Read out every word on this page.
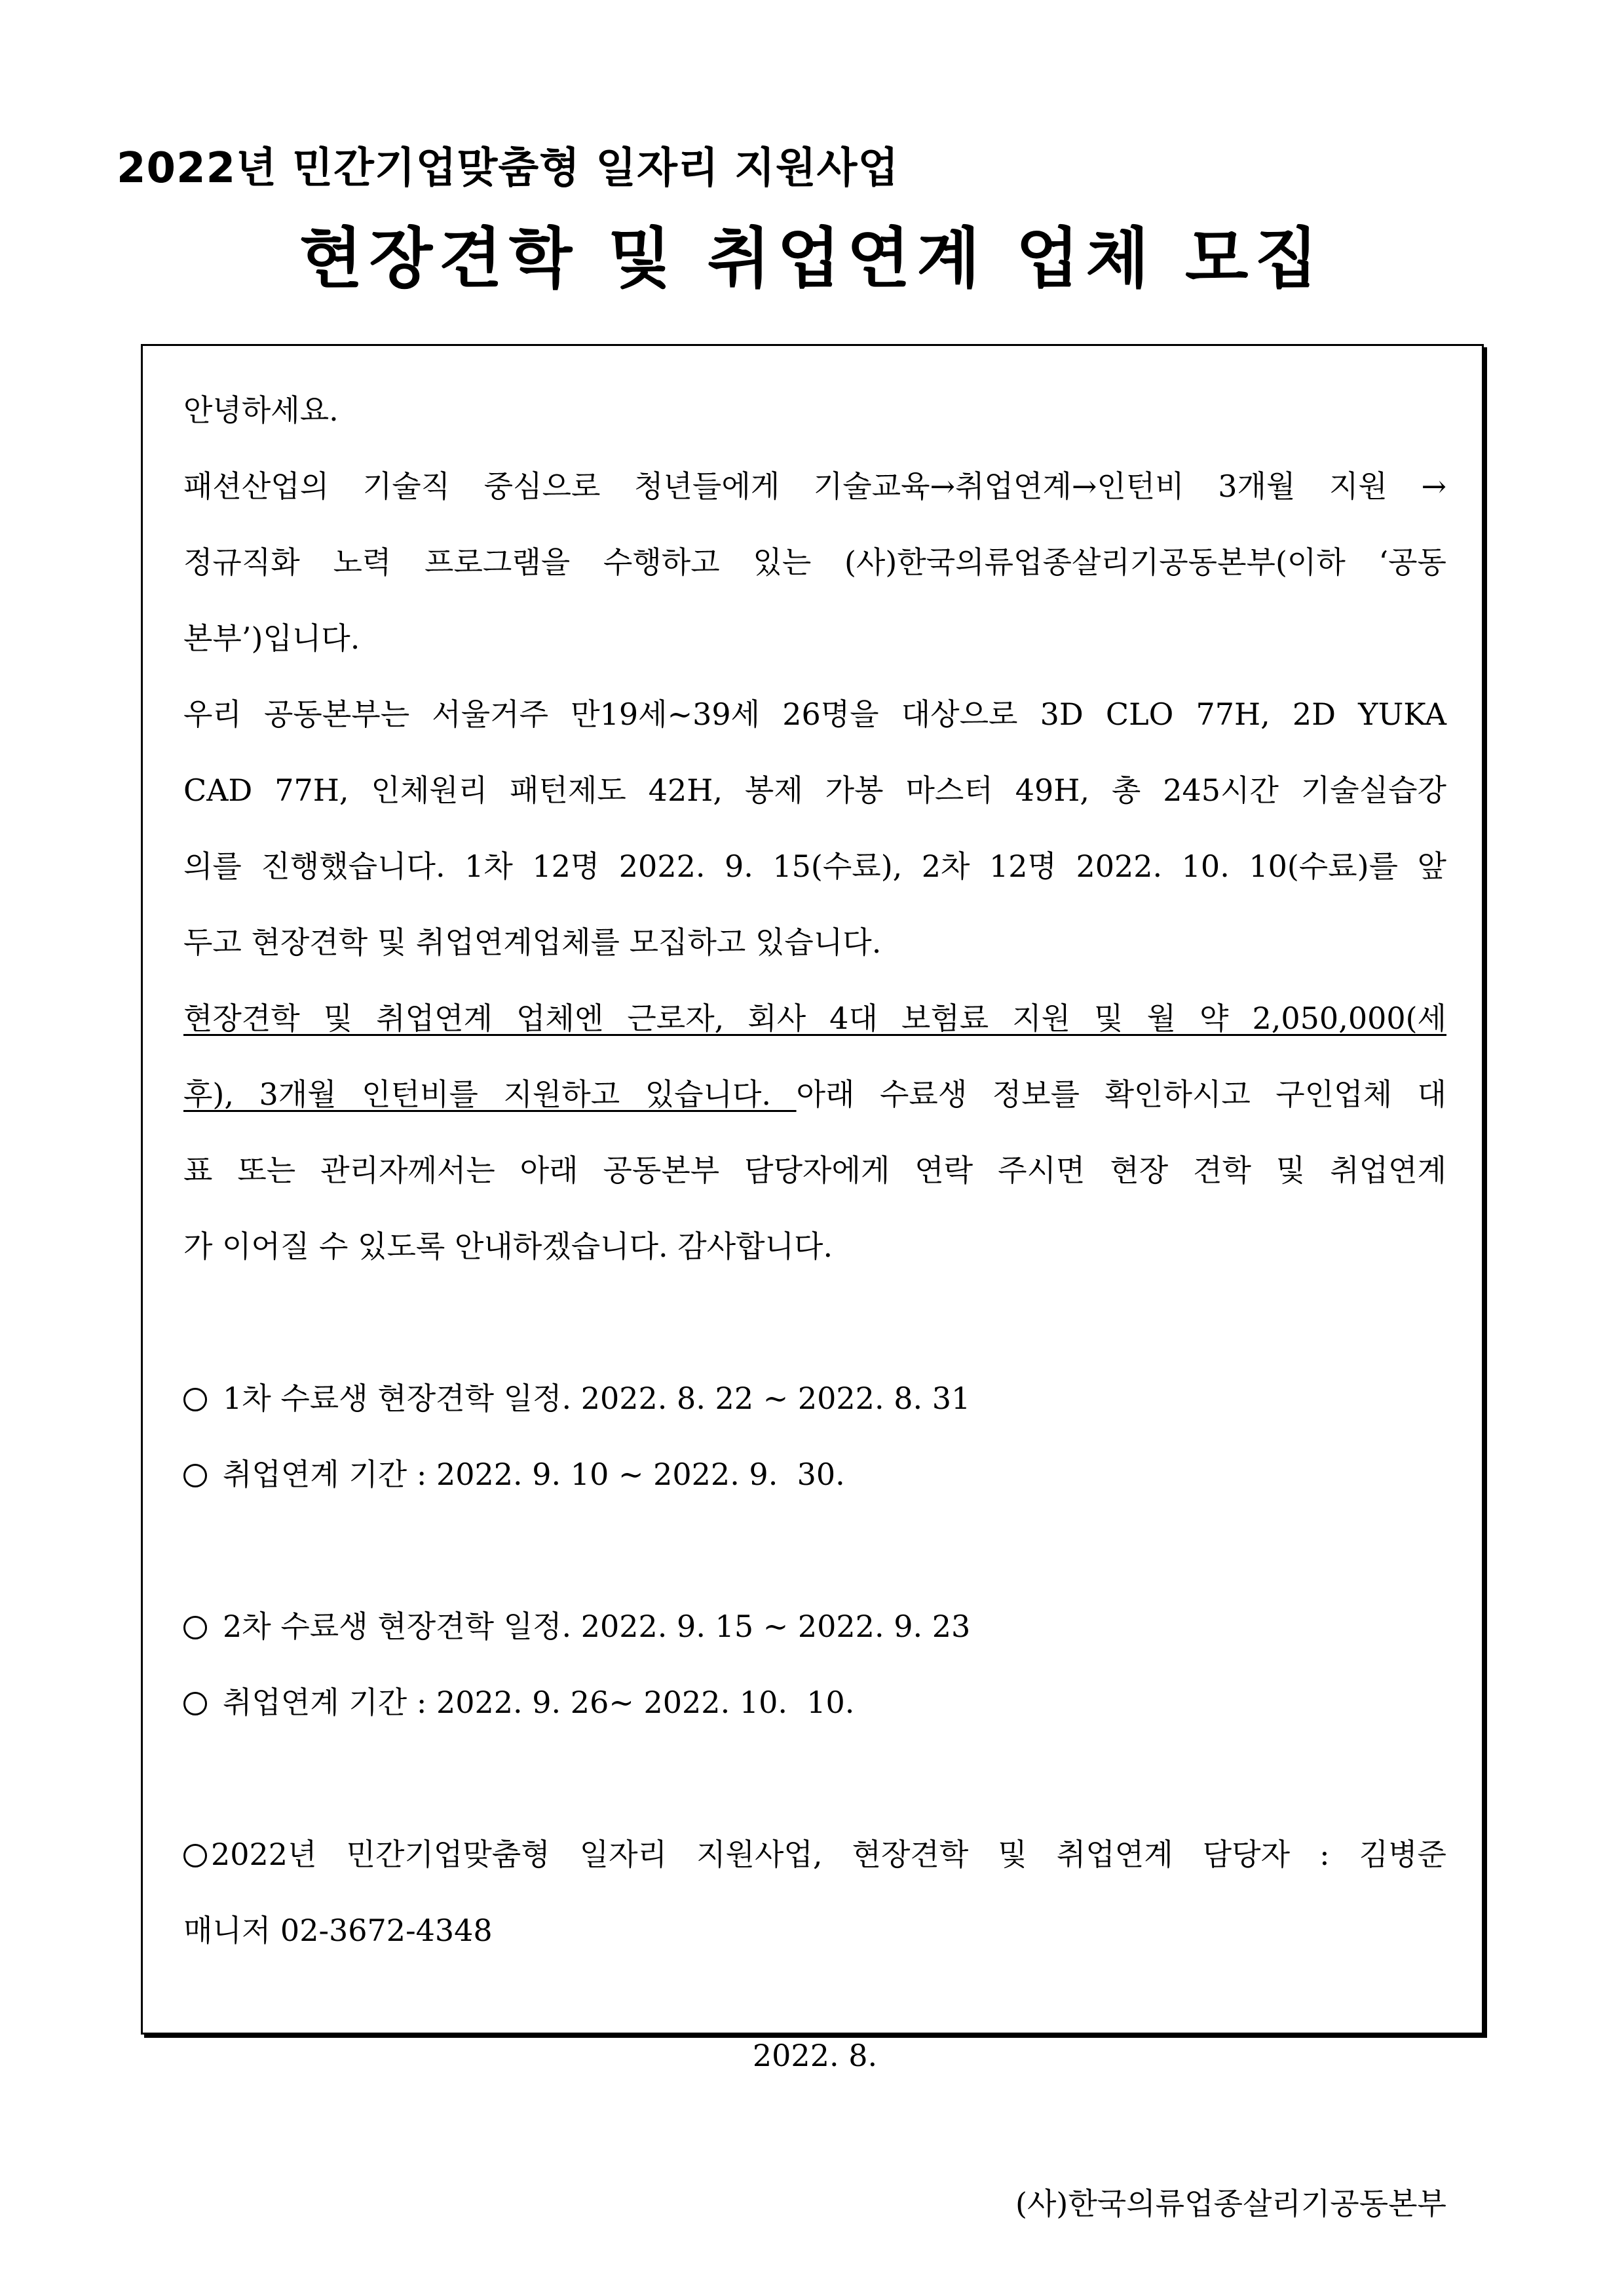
2022년 민간기업맞춤형 일자리 지원사업
현장견학 및 취업연계 업체 모집
안녕하세요.
패션산업의 기술직 중심으로 청년들에게 기술교육→취업연계→인턴비 3개월 지원 →
정규직화 노력 프로그램을 수행하고 있는 (사)한국의류업종살리기공동본부(이하 ‘공동
본부’)입니다.
우리 공동본부는 서울거주 만19세~39세 26명을 대상으로 3D CLO 77H, 2D YUKA
CAD 77H, 인체원리 패턴제도 42H, 봉제 가봉 마스터 49H, 총 245시간 기술실습강
의를 진행했습니다. 1차 12명 2022. 9. 15(수료), 2차 12명 2022. 10. 10(수료)를 앞
두고 현장견학 및 취업연계업체를 모집하고 있습니다.
현장견학 및 취업연계 업체엔 근로자, 회사 4대 보험료 지원 및 월 약 2,050,000(세
후), 3개월 인턴비를 지원하고 있습니다. 아래 수료생 정보를 확인하시고 구인업체 대
표 또는 관리자께서는 아래 공동본부 담당자에게 연락 주시면 현장 견학 및 취업연계
가 이어질 수 있도록 안내하겠습니다. 감사합니다.
1차 수료생 현장견학 일정. 2022. 8. 22 ~ 2022. 8. 31
취업연계 기간 : 2022. 9. 10 ~ 2022. 9.  30.
2차 수료생 현장견학 일정. 2022. 9. 15 ~ 2022. 9. 23
취업연계 기간 : 2022. 9. 26~ 2022. 10.  10.
2022년 민간기업맞춤형 일자리 지원사업, 현장견학 및 취업연계 담당자 : 김병준
매니저 02-3672-4348
2022. 8.
(사)한국의류업종살리기공동본부
